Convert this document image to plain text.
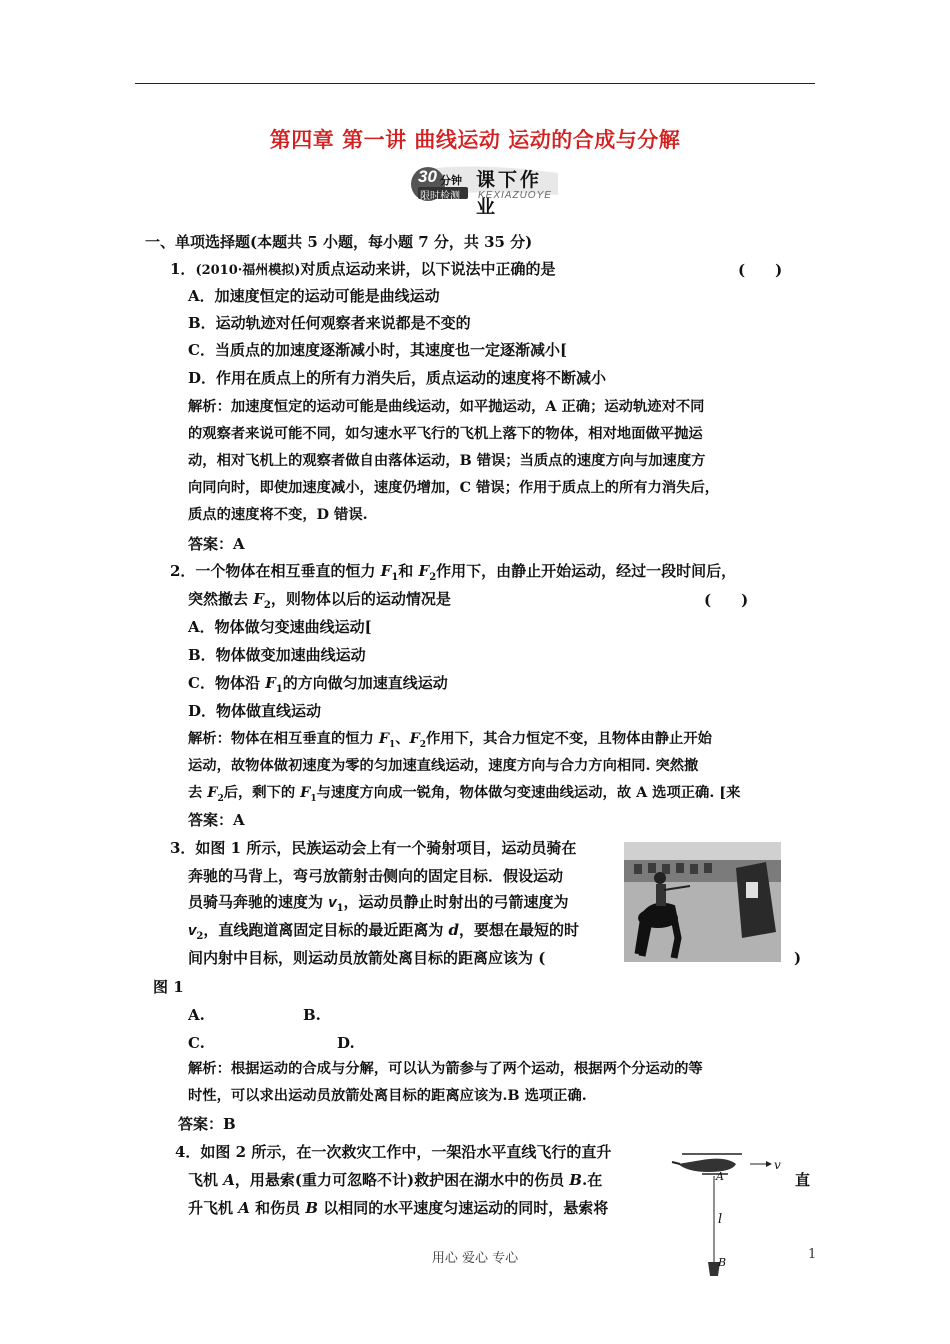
第四章 第一讲 曲线运动 运动的合成与分解
30 分钟
限时检测
课下作业
KEXIAZUOYE
一、单项选择题(本题共 5 小题，每小题 7 分，共 35 分)
1．(2010·福州模拟)对质点运动来讲，以下说法中正确的是	(　　)
A．加速度恒定的运动可能是曲线运动
B．运动轨迹对任何观察者来说都是不变的
C．当质点的加速度逐渐减小时，其速度也一定逐渐减小[
D．作用在质点上的所有力消失后，质点运动的速度将不断减小
解析：加速度恒定的运动可能是曲线运动，如平抛运动，A 正确；运动轨迹对不同
的观察者来说可能不同，如匀速水平飞行的飞机上落下的物体，相对地面做平抛运
动，相对飞机上的观察者做自由落体运动，B 错误；当质点的速度方向与加速度方
向同向时，即使加速度减小，速度仍增加，C 错误；作用于质点上的所有力消失后，
质点的速度将不变，D 错误.
答案：A
2．一个物体在相互垂直的恒力 $F_1$和 $F_2$作用下，由静止开始运动，经过一段时间后，
突然撤去 $F_2$，则物体以后的运动情况是	(　　)
A．物体做匀变速曲线运动[
B．物体做变加速曲线运动
C．物体沿 $F_1$的方向做匀加速直线运动
D．物体做直线运动
解析：物体在相互垂直的恒力 $F_1$、$F_2$作用下，其合力恒定不变，且物体由静止开始
运动，故物体做初速度为零的匀加速直线运动，速度方向与合力方向相同. 突然撤
去 $F_2$后，剩下的 $F_1$与速度方向成一锐角，物体做匀变速曲线运动，故 A 选项正确. [来
答案：A
3．如图 1 所示，民族运动会上有一个骑射项目，运动员骑在
奔驰的马背上，弯弓放箭射击侧向的固定目标．假设运动
员骑马奔驰的速度为 $v_1$，运动员静止时射出的弓箭速度为
$v_2$，直线跑道离固定目标的最近距离为 d，要想在最短的时
间内射中目标，则运动员放箭处离目标的距离应该为 (	)
图 1
A.	B.
C.	D.
解析：根据运动的合成与分解，可以认为箭参与了两个运动，根据两个分运动的等
时性，可以求出运动员放箭处离目标的距离应该为.B 选项正确.
答案：B
4．如图 2 所示，在一次救灾工作中，一架沿水平直线飞行的直升
飞机 A，用悬索(重力可忽略不计)救护困在湖水中的伤员 B.在	直
升飞机 A 和伤员 B 以相同的水平速度匀速运动的同时，悬索将
v
A
l
B
用心 爱心 专心	1
